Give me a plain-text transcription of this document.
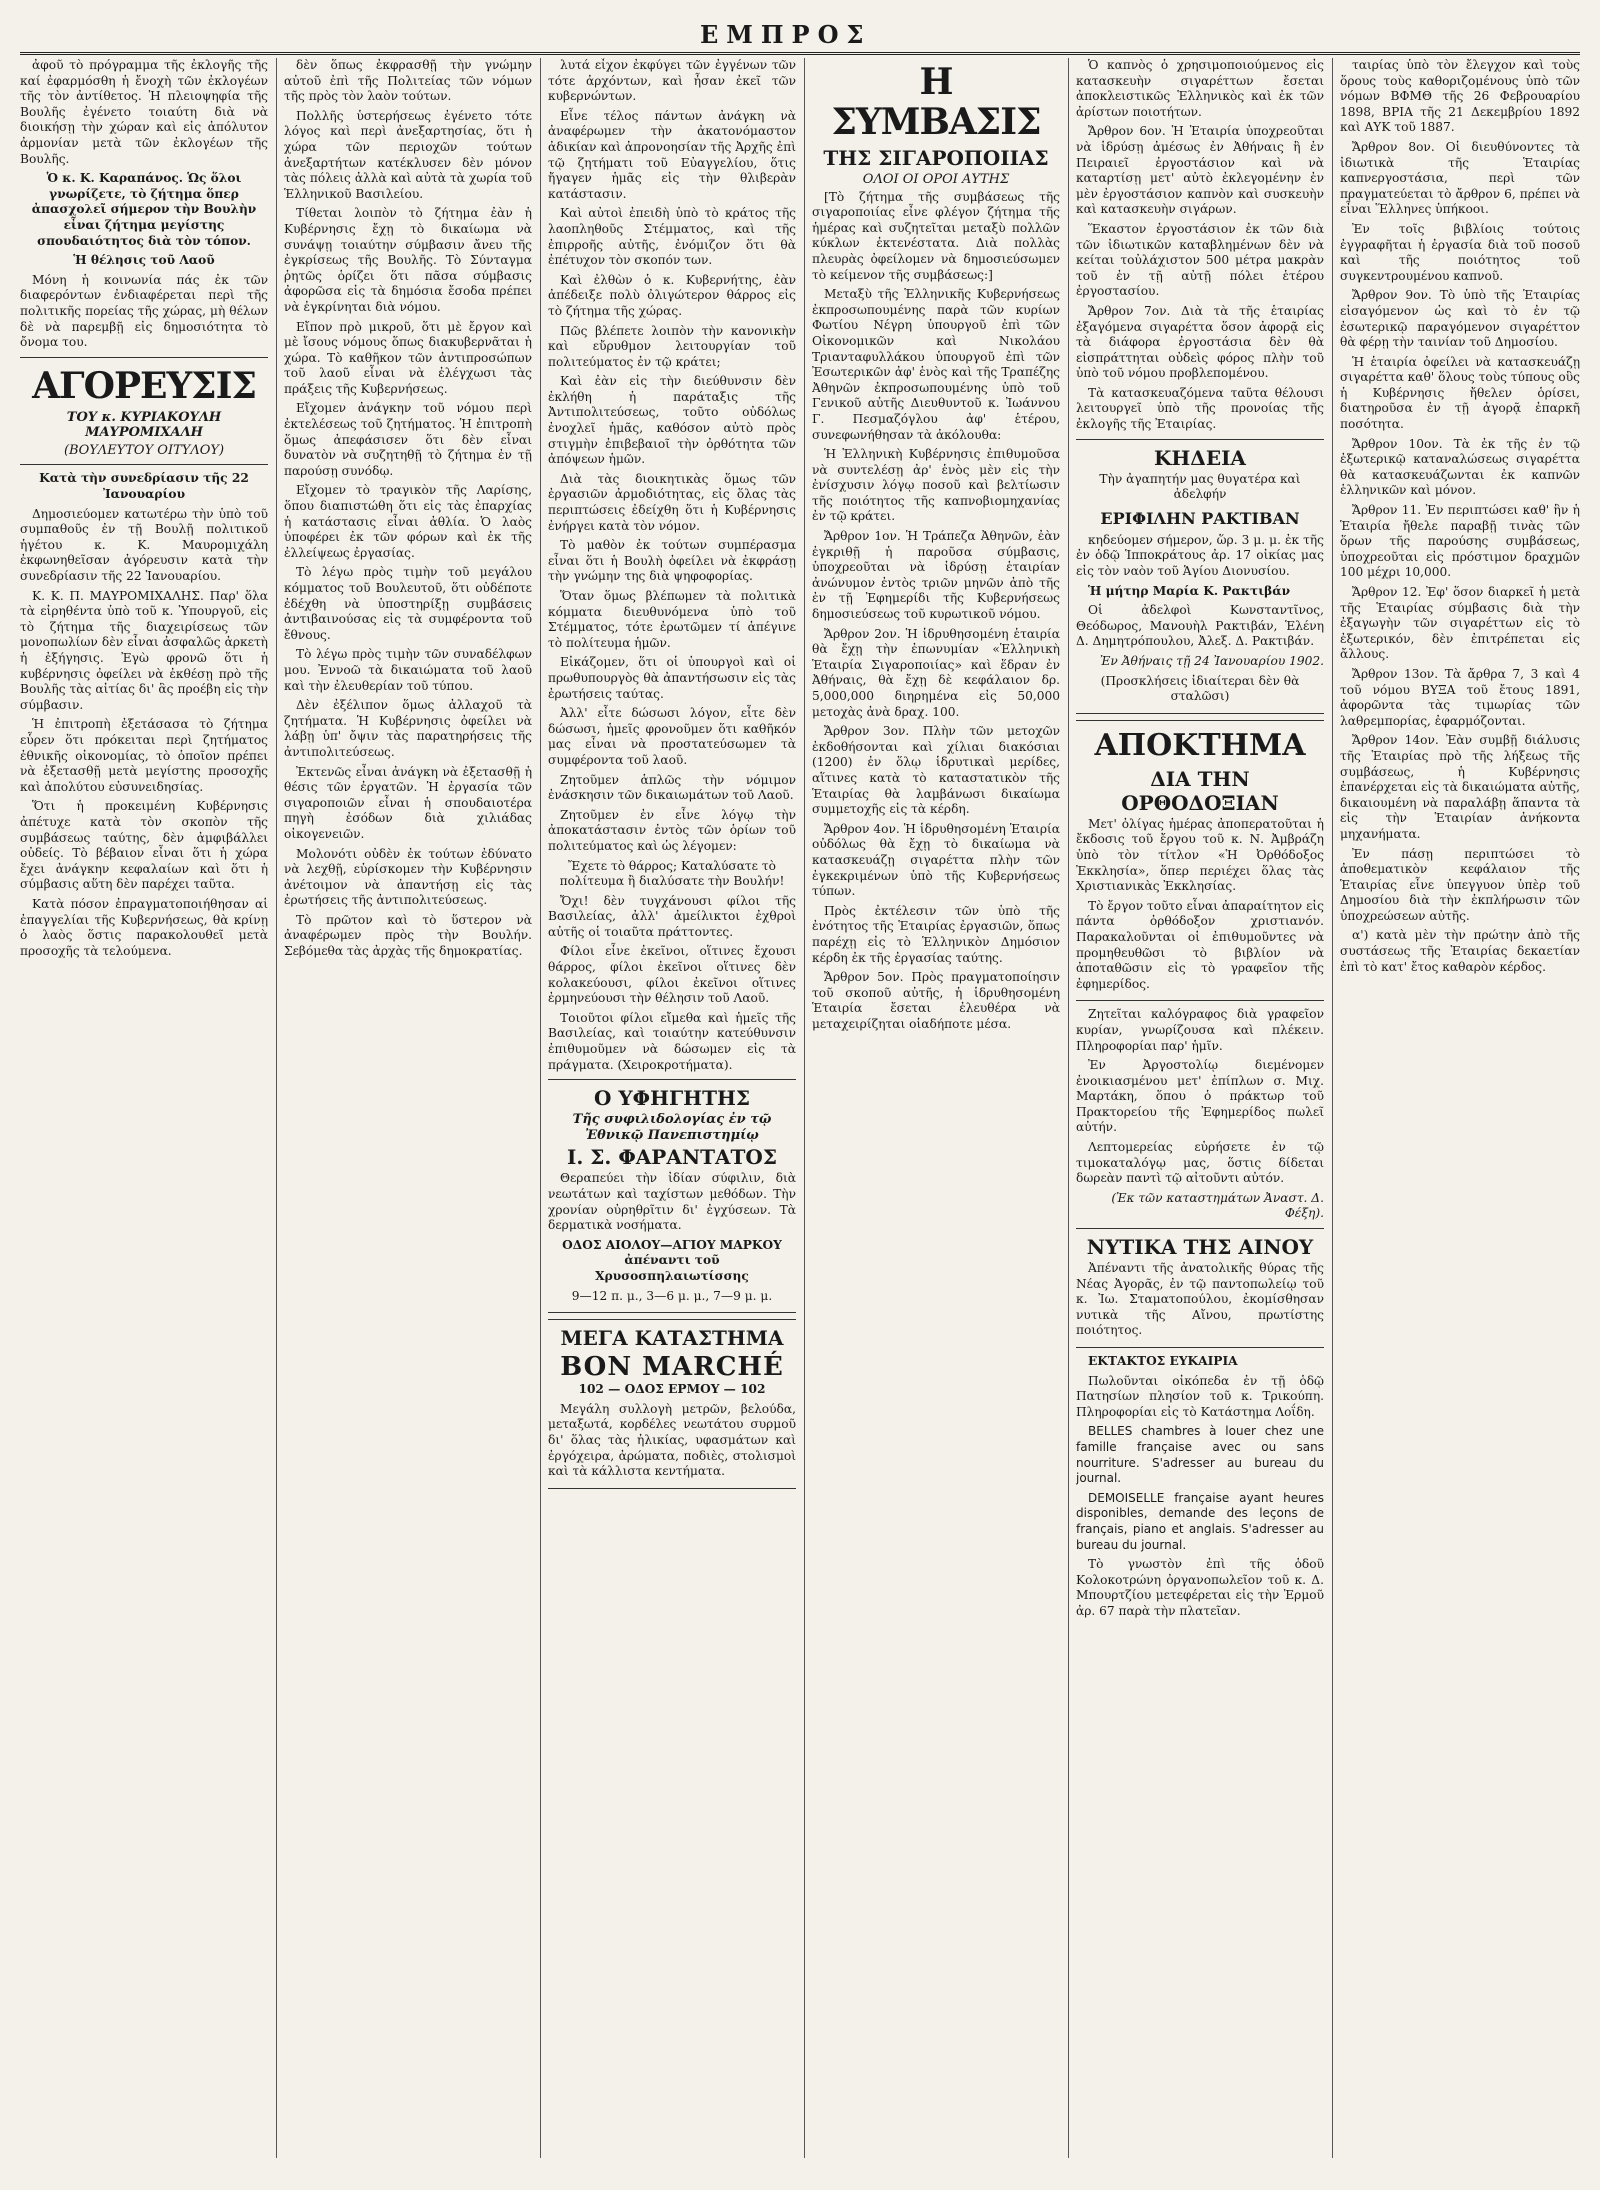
ΕΜΠΡΟΣ

ἀφοῦ τὸ πρόγραμμα τῆς ἐκλογῆς τῆς καί ἐφαρμόσθη ἡ ἔνοχὴ τῶν ἐκλογέων τῆς τὸν ἀντίθετος. Ἡ πλειοψηφία τῆς Βουλῆς ἐγένετο τοιαύτη διὰ νὰ διοικήσῃ τὴν χώραν καὶ εἰς ἀπόλυτον ἀρμονίαν μετὰ τῶν ἐκλογέων τῆς Βουλῆς.

Ὁ κ. Κ. Καραπάνος. Ὡς ὅλοι γνωρίζετε, τὸ ζήτημα ὅπερ ἀπασχολεῖ σήμερον τὴν Βουλὴν εἶναι ζήτημα μεγίστης σπουδαιότητος διὰ τὸν τόπον.

Ἡ θέλησις τοῦ Λαοῦ

Μόνη ἡ κοινωνία πάς ἐκ τῶν διαφερόντων ἐνδιαφέρεται περὶ τῆς πολιτικῆς πορείας τῆς χώρας, μὴ θέλων δὲ νὰ παρεμβῇ εἰς δημοσιότητα τὸ ὄνομα του.

ΑΓΟΡΕΥΣΙΣ
ΤΟΥ κ. ΚΥΡΙΑΚΟΥΛΗ ΜΑΥΡΟΜΙΧΑΛΗ
(ΒΟΥΛΕΥΤΟΥ ΟΙΤΥΛΟΥ)

Κατὰ τὴν συνεδρίασιν τῆς 22 Ἰανουαρίου

Δημοσιεύομεν κατωτέρω τὴν ὑπὸ τοῦ συμπαθοῦς ἐν τῇ Βουλῇ πολιτικοῦ ἡγέτου κ. Κ. Μαυρομιχάλη ἐκφωνηθεῖσαν ἀγόρευσιν κατὰ τὴν συνεδρίασιν τῆς 22 Ἰανουαρίου.

Κ. Κ. Π. ΜΑΥΡΟΜΙΧΑΛΗΣ. Παρ' ὅλα τὰ εἰρηθέντα ὑπὸ τοῦ κ. Ὑπουργοῦ, εἰς τὸ ζήτημα τῆς διαχειρίσεως τῶν μονοπωλίων δὲν εἶναι ἀσφαλῶς ἀρκετὴ ἡ ἐξήγησις. Ἐγὼ φρονῶ ὅτι ἡ κυβέρνησις ὀφείλει νὰ ἐκθέσῃ πρὸ τῆς Βουλῆς τὰς αἰτίας δι' ἃς προέβη εἰς τὴν σύμβασιν.

Ἡ ἐπιτροπὴ ἐξετάσασα τὸ ζήτημα εὗρεν ὅτι πρόκειται περὶ ζητήματος ἐθνικῆς οἰκονομίας, τὸ ὁποῖον πρέπει νὰ ἐξετασθῇ μετὰ μεγίστης προσοχῆς καὶ ἀπολύτου εὐσυνειδησίας.

Ὅτι ἡ προκειμένη Κυβέρνησις ἀπέτυχε κατὰ τὸν σκοπὸν τῆς συμβάσεως ταύτης, δὲν ἀμφιβάλλει οὐδείς. Τὸ βέβαιον εἶναι ὅτι ἡ χώρα ἔχει ἀνάγκην κεφαλαίων καὶ ὅτι ἡ σύμβασις αὕτη δὲν παρέχει ταῦτα.

Κατὰ πόσον ἐπραγματοποιήθησαν αἱ ἐπαγγελίαι τῆς Κυβερνήσεως, θὰ κρίνῃ ὁ λαὸς ὅστις παρακολουθεῖ μετὰ προσοχῆς τὰ τελούμενα.

δὲν ὅπως ἐκφρασθῇ τὴν γνώμην αὐτοῦ ἐπὶ τῆς Πολιτείας τῶν νόμων τῆς πρὸς τὸν λαὸν τούτων.

Πολλῆς ὑστερήσεως ἐγένετο τότε λόγος καὶ περὶ ἀνεξαρτησίας, ὅτι ἡ χώρα τῶν περιοχῶν τούτων ἀνεξαρτήτων κατέκλυσεν δὲν μόνον τὰς πόλεις ἀλλὰ καὶ αὐτὰ τὰ χωρία τοῦ Ἑλληνικοῦ Βασιλείου.

Τίθεται λοιπὸν τὸ ζήτημα ἐὰν ἡ Κυβέρνησις ἔχῃ τὸ δικαίωμα νὰ συνάψῃ τοιαύτην σύμβασιν ἄνευ τῆς ἐγκρίσεως τῆς Βουλῆς. Τὸ Σύνταγμα ῥητῶς ὁρίζει ὅτι πᾶσα σύμβασις ἀφορῶσα εἰς τὰ δημόσια ἔσοδα πρέπει νὰ ἐγκρίνηται διὰ νόμου.

Εἴπον πρὸ μικροῦ, ὅτι μὲ ἔργον καὶ μὲ ἴσους νόμους ὅπως διακυβερνᾶται ἡ χώρα. Τὸ καθῆκον τῶν ἀντιπροσώπων τοῦ λαοῦ εἶναι νὰ ἐλέγχωσι τὰς πράξεις τῆς Κυβερνήσεως.

Εἴχομεν ἀνάγκην τοῦ νόμου περὶ ἐκτελέσεως τοῦ ζητήματος. Ἡ ἐπιτροπὴ ὅμως ἀπεφάσισεν ὅτι δὲν εἶναι δυνατὸν νὰ συζητηθῇ τὸ ζήτημα ἐν τῇ παρούσῃ συνόδῳ.

Εἴχομεν τὸ τραγικὸν τῆς Λαρίσης, ὅπου διαπιστώθη ὅτι εἰς τὰς ἐπαρχίας ἡ κατάστασις εἶναι ἀθλία. Ὁ λαὸς ὑποφέρει ἐκ τῶν φόρων καὶ ἐκ τῆς ἐλλείψεως ἐργασίας.

Τὸ λέγω πρὸς τιμὴν τοῦ μεγάλου κόμματος τοῦ Βουλευτοῦ, ὅτι οὐδέποτε ἐδέχθη νὰ ὑποστηρίξῃ συμβάσεις ἀντιβαινούσας εἰς τὰ συμφέροντα τοῦ ἔθνους.

Τὸ λέγω πρὸς τιμὴν τῶν συναδέλφων μου. Ἐννοῶ τὰ δικαιώματα τοῦ λαοῦ καὶ τὴν ἐλευθερίαν τοῦ τύπου.

Δὲν ἐξέλιπον ὅμως ἀλλαχοῦ τὰ ζητήματα. Ἡ Κυβέρνησις ὀφείλει νὰ λάβῃ ὑπ' ὄψιν τὰς παρατηρήσεις τῆς ἀντιπολιτεύσεως.

Ἐκτενῶς εἶναι ἀνάγκη νὰ ἐξετασθῇ ἡ θέσις τῶν ἐργατῶν. Ἡ ἐργασία τῶν σιγαροποιῶν εἶναι ἡ σπουδαιοτέρα πηγὴ ἐσόδων διὰ χιλιάδας οἰκογενειῶν.

Μολονότι οὐδὲν ἐκ τούτων ἐδύνατο νὰ λεχθῇ, εὑρίσκομεν τὴν Κυβέρνησιν ἀνέτοιμον νὰ ἀπαντήσῃ εἰς τὰς ἐρωτήσεις τῆς ἀντιπολιτεύσεως.

Τὸ πρῶτον καὶ τὸ ὕστερον νὰ ἀναφέρωμεν πρὸς τὴν Βουλήν. Σεβόμεθα τὰς ἀρχὰς τῆς δημοκρατίας.

λυτά εἶχον ἐκφύγει τῶν ἐγγένων τῶν τότε ἀρχόντων, καὶ ἦσαν ἐκεῖ τῶν κυβερνώντων.

Εἶνε τέλος πάντων ἀνάγκη νὰ ἀναφέρωμεν τὴν ἀκατονόμαστον ἀδικίαν καὶ ἀπρονοησίαν τῆς Ἀρχῆς ἐπὶ τῷ ζητήματι τοῦ Εὐαγγελίου, ὅτις ἤγαγεν ἡμᾶς εἰς τὴν θλιβερὰν κατάστασιν.

Καὶ αὐτοὶ ἐπειδὴ ὑπὸ τὸ κράτος τῆς λαοπληθοῦς Στέμματος, καὶ τῆς ἐπιρροῆς αὐτῆς, ἐνόμιζον ὅτι θὰ ἐπέτυχον τὸν σκοπόν των.

Καὶ ἐλθὼν ὁ κ. Κυβερνήτης, ἐὰν ἀπέδειξε πολὺ ὀλιγώτερον θάρρος εἰς τὸ ζήτημα τῆς χώρας.

Πῶς βλέπετε λοιπὸν τὴν κανονικὴν καὶ εὔρυθμον λειτουργίαν τοῦ πολιτεύματος ἐν τῷ κράτει;

Καὶ ἐὰν εἰς τὴν διεύθυνσιν δὲν ἐκλήθη ἡ παράταξις τῆς Ἀντιπολιτεύσεως, τοῦτο οὐδόλως ἐνοχλεῖ ἡμᾶς, καθόσον αὐτὸ πρὸς στιγμὴν ἐπιβεβαιοῖ τὴν ὀρθότητα τῶν ἀπόψεων ἡμῶν.

Διὰ τὰς διοικητικὰς ὅμως τῶν ἐργασιῶν ἀρμοδιότητας, εἰς ὅλας τὰς περιπτώσεις ἐδείχθη ὅτι ἡ Κυβέρνησις ἐνήργει κατὰ τὸν νόμον.

Τὸ μαθὸν ἐκ τούτων συμπέρασμα εἶναι ὅτι ἡ Βουλὴ ὀφείλει νὰ ἐκφράσῃ τὴν γνώμην της διὰ ψηφοφορίας.

Ὅταν ὅμως βλέπωμεν τὰ πολιτικὰ κόμματα διευθυνόμενα ὑπὸ τοῦ Στέμματος, τότε ἐρωτῶμεν τί ἀπέγινε τὸ πολίτευμα ἡμῶν.

Εἰκάζομεν, ὅτι οἱ ὑπουργοὶ καὶ οἱ πρωθυπουργὸς θὰ ἀπαντήσωσιν εἰς τὰς ἐρωτήσεις ταύτας.

Ἀλλ' εἶτε δώσωσι λόγον, εἶτε δὲν δώσωσι, ἡμεῖς φρονοῦμεν ὅτι καθῆκόν μας εἶναι νὰ προστατεύσωμεν τὰ συμφέροντα τοῦ λαοῦ.

Ζητοῦμεν ἁπλῶς τὴν νόμιμον ἐνάσκησιν τῶν δικαιωμάτων τοῦ Λαοῦ.

Ζητοῦμεν ἐν εἶνε λόγῳ τὴν ἀποκατάστασιν ἐντὸς τῶν ὁρίων τοῦ πολιτεύματος καὶ ὡς λέγομεν:

Ἔχετε τὸ θάρρος; Καταλύσατε τὸ πολίτευμα ἢ διαλύσατε τὴν Βουλήν!

Ὄχι! δὲν τυγχάνουσι φίλοι τῆς Βασιλείας, ἀλλ' ἀμείλικτοι ἐχθροὶ αὐτῆς οἱ τοιαῦτα πράττοντες.

Φίλοι εἶνε ἐκεῖνοι, οἵτινες ἔχουσι θάρρος, φίλοι ἐκεῖνοι οἵτινες δὲν κολακεύουσι, φίλοι ἐκεῖνοι οἵτινες ἐρμηνεύουσι τὴν θέλησιν τοῦ Λαοῦ.

Τοιοῦτοι φίλοι εἴμεθα καὶ ἡμεῖς τῆς Βασιλείας, καὶ τοιαύτην κατεύθυνσιν ἐπιθυμοῦμεν νὰ δώσωμεν εἰς τὰ πράγματα. (Χειροκροτήματα).

Ο ΥΦΗΓΗΤΗΣ
Τῆς συφιλιδολογίας ἐν τῷ Ἐθνικῷ Πανεπιστημίῳ
Ι. Σ. ΦΑΡΑΝΤΑΤΟΣ

Θεραπεύει τὴν ἰδίαν σύφιλιν, διὰ νεωτάτων καὶ ταχίστων μεθόδων. Τὴν χρονίαν οὐρηθρῖτιν δι' ἐγχύσεων. Τὰ δερματικὰ νοσήματα.

ΟΔΟΣ ΑΙΟΛΟΥ—ΑΓΙΟΥ ΜΑΡΚΟΥ ἀπέναντι τοῦ Χρυσοσπηλαιωτίσσης

9—12 π. μ., 3—6 μ. μ., 7—9 μ. μ.

ΜΕΓΑ ΚΑΤΑΣΤΗΜΑ
BON MARCHÉ

102 — ΟΔΟΣ ΕΡΜΟΥ — 102

Μεγάλη συλλογὴ μετρῶν, βελούδα, μεταξωτά, κορδέλες νεωτάτου συρμοῦ δι' ὅλας τὰς ἡλικίας, υφασμάτων καὶ ἐργόχειρα, ἀρώματα, ποδιὲς, στολισμοὶ καὶ τὰ κάλλιστα κεντήματα.

Η ΣΥΜΒΑΣΙΣ
ΤΗΣ ΣΙΓΑΡΟΠΟΙΙΑΣ
ΟΛΟΙ ΟΙ ΟΡΟΙ ΑΥΤΗΣ

[Τὸ ζήτημα τῆς συμβάσεως τῆς σιγαροποιίας εἶνε φλέγον ζήτημα τῆς ἡμέρας καὶ συζητεῖται μεταξὺ πολλῶν κύκλων ἐκτενέστατα. Διὰ πολλὰς πλευρὰς ὀφείλομεν νὰ δημοσιεύσωμεν τὸ κείμενον τῆς συμβάσεως:]

Μεταξὺ τῆς Ἑλληνικῆς Κυβερνήσεως ἐκπροσωπουμένης παρὰ τῶν κυρίων Φωτίου Νέγρη ὑπουργοῦ ἐπὶ τῶν Οἰκονομικῶν καὶ Νικολάου Τριανταφυλλάκου ὑπουργοῦ ἐπὶ τῶν Ἐσωτερικῶν ἀφ' ἑνὸς καὶ τῆς Τραπέζης Ἀθηνῶν ἐκπροσωπουμένης ὑπὸ τοῦ Γενικοῦ αὐτῆς Διευθυντοῦ κ. Ἰωάννου Γ. Πεσμαζόγλου ἀφ' ἑτέρου, συνεφωνήθησαν τὰ ἀκόλουθα:

Ἡ Ἑλληνικὴ Κυβέρνησις ἐπιθυμοῦσα νὰ συντελέσῃ ἀρ' ἑνὸς μὲν εἰς τὴν ἐνίσχυσιν λόγῳ ποσοῦ καὶ βελτίωσιν τῆς ποιότητος τῆς καπνοβιομηχανίας ἐν τῷ κράτει.

Ἄρθρον 1ον. Ἡ Τράπεζα Ἀθηνῶν, ἐὰν ἐγκριθῇ ἡ παροῦσα σύμβασις, ὑποχρεοῦται νὰ ἱδρύσῃ ἑταιρίαν ἀνώνυμον ἐντὸς τριῶν μηνῶν ἀπὸ τῆς ἐν τῇ Ἐφημερίδι τῆς Κυβερνήσεως δημοσιεύσεως τοῦ κυρωτικοῦ νόμου.

Ἄρθρον 2ον. Ἡ ἱδρυθησομένη ἑταιρία θὰ ἔχῃ τὴν ἐπωνυμίαν «Ἑλληνικὴ Ἑταιρία Σιγαροποιίας» καὶ ἕδραν ἐν Ἀθήναις, θὰ ἔχῃ δὲ κεφάλαιον δρ. 5,000,000 διηρημένα εἰς 50,000 μετοχὰς ἀνὰ δραχ. 100.

Ἄρθρον 3ον. Πλὴν τῶν μετοχῶν ἐκδοθήσονται καὶ χίλιαι διακόσιαι (1200) ἐν ὅλῳ ἱδρυτικαὶ μερίδες, αἵτινες κατὰ τὸ καταστατικὸν τῆς Ἑταιρίας θὰ λαμβάνωσι δικαίωμα συμμετοχῆς εἰς τὰ κέρδη.

Ἄρθρον 4ον. Ἡ ἱδρυθησομένη Ἑταιρία οὐδόλως θὰ ἔχῃ τὸ δικαίωμα νὰ κατασκευάζῃ σιγαρέττα πλὴν τῶν ἐγκεκριμένων ὑπὸ τῆς Κυβερνήσεως τύπων.

Πρὸς ἐκτέλεσιν τῶν ὑπὸ τῆς ἐνότητος τῆς Ἑταιρίας ἐργασιῶν, ὅπως παρέχῃ εἰς τὸ Ἑλληνικὸν Δημόσιον κέρδη ἐκ τῆς ἐργασίας ταύτης.

Ἄρθρον 5ον. Πρὸς πραγματοποίησιν τοῦ σκοποῦ αὐτῆς, ἡ ἱδρυθησομένη Ἑταιρία ἔσεται ἐλευθέρα νὰ μεταχειρίζηται οἱαδήποτε μέσα.

Ὁ καπνὸς ὁ χρησιμοποιούμενος εἰς κατασκευὴν σιγαρέττων ἔσεται ἀποκλειστικῶς Ἑλληνικὸς καὶ ἐκ τῶν ἀρίστων ποιοτήτων.

Ἄρθρον 6ον. Ἡ Ἑταιρία ὑποχρεοῦται νὰ ἱδρύσῃ ἀμέσως ἐν Ἀθήναις ἢ ἐν Πειραιεῖ ἐργοστάσιον καὶ νὰ καταρτίσῃ μετ' αὐτὸ ἐκλεγομένην ἐν μὲν ἐργοστάσιον καπνὸν καὶ συσκευὴν καὶ κατασκευὴν σιγάρων.

Ἕκαστον ἐργοστάσιον ἐκ τῶν διὰ τῶν ἰδιωτικῶν καταβλημένων δὲν νὰ κείται τοὐλάχιστον 500 μέτρα μακρὰν τοῦ ἐν τῇ αὐτῇ πόλει ἑτέρου ἐργοστασίου.

Ἄρθρον 7ον. Διὰ τὰ τῆς ἑταιρίας ἐξαγόμενα σιγαρέττα ὅσον ἀφορᾷ εἰς τὰ διάφορα ἐργοστάσια δὲν θὰ εἰσπράττηται οὐδεὶς φόρος πλὴν τοῦ ὑπὸ τοῦ νόμου προβλεπομένου.

Τὰ κατασκευαζόμενα ταῦτα θέλουσι λειτουργεῖ ὑπὸ τῆς προνοίας τῆς ἐκλογῆς τῆς Ἐταιρίας.

ΚΗΔΕΙΑ

Τὴν ἀγαπητήν μας θυγατέρα καὶ ἀδελφήν

ΕΡΙΦΙΛΗΝ ΡΑΚΤΙΒΑΝ

κηδεύομεν σήμερον, ὥρ. 3 μ. μ. ἐκ τῆς ἐν ὁδῷ Ἱπποκράτους ἀρ. 17 οἰκίας μας εἰς τὸν ναὸν τοῦ Ἁγίου Διονυσίου.

Ἡ μήτηρ Μαρία Κ. Ρακτιβάν

Οἱ ἀδελφοὶ Κωνσταντῖνος, Θεόδωρος, Μανουὴλ Ρακτιβάν, Ἑλένη Δ. Δημητρόπουλου, Ἀλεξ. Δ. Ρακτιβάν.

Ἐν Ἀθήναις τῇ 24 Ἰανουαρίου 1902.

(Προσκλήσεις ἰδιαίτεραι δὲν θὰ σταλῶσι)

ΑΠΟΚΤΗΜΑ
ΔΙΑ ΤΗΝ ΟΡΘΟΔΟΞΙΑΝ

Μετ' ὀλίγας ἡμέρας ἀποπερατοῦται ἡ ἔκδοσις τοῦ ἔργου τοῦ κ. Ν. Ἀμβράζη ὑπὸ τὸν τίτλον «Ἡ Ὀρθόδοξος Ἐκκλησία», ὅπερ περιέχει ὅλας τὰς Χριστιανικὰς Ἐκκλησίας.

Τὸ ἔργον τοῦτο εἶναι ἀπαραίτητον εἰς πάντα ὀρθόδοξον χριστιανόν. Παρακαλοῦνται οἱ ἐπιθυμοῦντες νὰ προμηθευθῶσι τὸ βιβλίον νὰ ἀποταθῶσιν εἰς τὸ γραφεῖον τῆς ἐφημερίδος.

Ζητεῖται καλόγραφος διὰ γραφεῖον κυρίαν, γνωρίζουσα καὶ πλέκειν. Πληροφορίαι παρ' ἡμῖν.

Ἐν Ἀργοστολίῳ διεμένομεν ἐνοικιασμένου μετ' ἐπίπλων σ. Μιχ. Μαρτάκη, ὅπου ὁ πράκτωρ τοῦ Πρακτορείου τῆς Ἐφημερίδος πωλεῖ αὐτήν.

Λεπτομερείας εὑρήσετε ἐν τῷ τιμοκαταλόγῳ μας, ὅστις δίδεται δωρεὰν παντὶ τῷ αἰτοῦντι αὐτόν.

(Ἐκ τῶν καταστημάτων Ἀναστ. Δ. Φέξη).

ΝΥΤΙΚΑ ΤΗΣ ΑΙΝΟΥ

Ἀπέναντι τῆς ἀνατολικῆς θύρας τῆς Νέας Ἀγορᾶς, ἐν τῷ παντοπωλείῳ τοῦ κ. Ἰω. Σταματοπούλου, ἐκομίσθησαν νυτικὰ τῆς Αἴνου, πρωτίστης ποιότητος.

ΕΚΤΑΚΤΟΣ ΕΥΚΑΙΡΙΑ

Πωλοῦνται οἰκόπεδα ἐν τῇ ὁδῷ Πατησίων πλησίον τοῦ κ. Τρικούπη. Πληροφορίαι εἰς τὸ Κατάστημα Λοΐδη.

BELLES chambres à louer chez une famille française avec ou sans nourriture. S'adresser au bureau du journal.

DEMOISELLE française ayant heures disponibles, demande des leçons de français, piano et anglais. S'adresser au bureau du journal.

Τὸ γνωστὸν ἐπὶ τῆς ὁδοῦ Κολοκοτρώνη ὀργανοπωλεῖον τοῦ κ. Δ. Μπουρτζίου μετεφέρεται εἰς τὴν Ἐρμοῦ ἀρ. 67 παρὰ τὴν πλατεῖαν.

ταιρίας ὑπὸ τὸν ἔλεγχον καὶ τοὺς ὅρους τοὺς καθοριζομένους ὑπὸ τῶν νόμων ΒΦΜΘ τῆς 26 Φεβρουαρίου 1898, ΒΡΙΑ τῆς 21 Δεκεμβρίου 1892 καὶ ΑΥΚ τοῦ 1887.

Ἄρθρον 8ον. Οἱ διευθύνοντες τὰ ἰδιωτικὰ τῆς Ἑταιρίας καπνεργοστάσια, περὶ τῶν πραγματεύεται τὸ ἄρθρον 6, πρέπει νὰ εἶναι Ἕλληνες ὑπήκοοι.

Ἐν τοῖς βιβλίοις τούτοις ἐγγραφῆται ἡ ἐργασία διὰ τοῦ ποσοῦ καὶ τῆς ποιότητος τοῦ συγκεντρουμένου καπνοῦ.

Ἄρθρον 9ον. Τὸ ὑπὸ τῆς Ἑταιρίας εἰσαγόμενον ὡς καὶ τὸ ἐν τῷ ἐσωτερικῷ παραγόμενον σιγαρέττον θὰ φέρῃ τὴν ταινίαν τοῦ Δημοσίου.

Ἡ ἑταιρία ὀφείλει νὰ κατασκευάζῃ σιγαρέττα καθ' ὅλους τοὺς τύπους οὓς ἡ Κυβέρνησις ἤθελεν ὁρίσει, διατηροῦσα ἐν τῇ ἀγορᾷ ἐπαρκῆ ποσότητα.

Ἄρθρον 10ον. Τὰ ἐκ τῆς ἐν τῷ ἐξωτερικῷ καταναλώσεως σιγαρέττα θὰ κατασκευάζωνται ἐκ καπνῶν ἑλληνικῶν καὶ μόνον.

Ἄρθρον 11. Ἐν περιπτώσει καθ' ἣν ἡ Ἑταιρία ἤθελε παραβῇ τινὰς τῶν ὅρων τῆς παρούσης συμβάσεως, ὑποχρεοῦται εἰς πρόστιμον δραχμῶν 100 μέχρι 10,000.

Ἄρθρον 12. Ἐφ' ὅσον διαρκεῖ ἡ μετὰ τῆς Ἑταιρίας σύμβασις διὰ τὴν ἐξαγωγὴν τῶν σιγαρέττων εἰς τὸ ἐξωτερικόν, δὲν ἐπιτρέπεται εἰς ἄλλους.

Ἄρθρον 13ον. Τὰ ἄρθρα 7, 3 καὶ 4 τοῦ νόμου ΒΥΞΑ τοῦ ἔτους 1891, ἀφορῶντα τὰς τιμωρίας τῶν λαθρεμπορίας, ἐφαρμόζονται.

Ἄρθρον 14ον. Ἐὰν συμβῇ διάλυσις τῆς Ἑταιρίας πρὸ τῆς λήξεως τῆς συμβάσεως, ἡ Κυβέρνησις ἐπανέρχεται εἰς τὰ δικαιώματα αὐτῆς, δικαιουμένη νὰ παραλάβῃ ἅπαντα τὰ εἰς τὴν Ἑταιρίαν ἀνήκοντα μηχανήματα.

Ἐν πάσῃ περιπτώσει τὸ ἀποθεματικὸν κεφάλαιον τῆς Ἑταιρίας εἶνε ὑπεγγυον ὑπὲρ τοῦ Δημοσίου διὰ τὴν ἐκπλήρωσιν τῶν ὑποχρεώσεων αὐτῆς.

α') κατὰ μὲν τὴν πρώτην ἀπὸ τῆς συστάσεως τῆς Ἑταιρίας δεκαετίαν ἐπὶ τὸ κατ' ἔτος καθαρὸν κέρδος.
